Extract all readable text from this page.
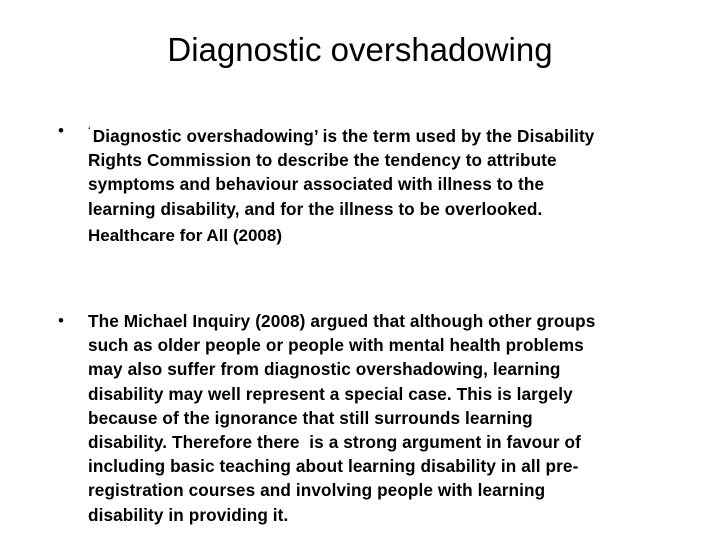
Diagnostic overshadowing
• ‘ Diagnostic overshadowing’ is the term used by the Disability
Rights Commission to describe the tendency to attribute
symptoms and behaviour associated with illness to the
learning disability, and for the illness to be overlooked.
Healthcare for All (2008)
• The Michael Inquiry (2008) argued that although other groups
such as older people or people with mental health problems
may also suffer from diagnostic overshadowing, learning
disability may well represent a special case. This is largely
because of the ignorance that still surrounds learning
disability. Therefore there  is a strong argument in favour of
including basic teaching about learning disability in all pre-
registration courses and involving people with learning
disability in providing it.
